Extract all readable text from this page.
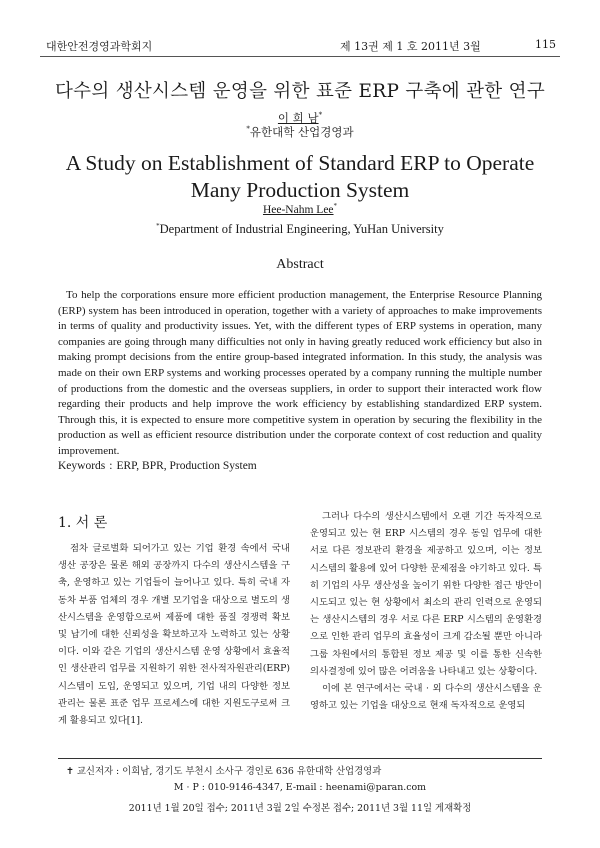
대한안전경영과학회지	제 13권 제 1 호 2011년 3월	115
다수의 생산시스템 운영을 위한 표준 ERP 구축에 관한 연구
이 희 남*
*유한대학 산업경영과
A Study on Establishment of Standard ERP to Operate Many Production System
Hee-Nahm Lee*
*Department of Industrial Engineering, YuHan University
Abstract
To help the corporations ensure more efficient production management, the Enterprise Resource Planning (ERP) system has been introduced in operation, together with a variety of approaches to make improvements in terms of quality and productivity issues. Yet, with the different types of ERP systems in operation, many companies are going through many difficulties not only in having greatly reduced work efficiency but also in making prompt decisions from the entire group-based integrated information. In this study, the analysis was made on their own ERP systems and working processes operated by a company running the multiple number of productions from the domestic and the overseas suppliers, in order to support their interacted work flow regarding their products and help improve the work efficiency by establishing standardized ERP system. Through this, it is expected to ensure more competitive system in operation by securing the flexibility in the production as well as efficient resource distribution under the corporate context of cost reduction and quality improvement.
Keywords : ERP, BPR, Production System
1. 서 론

점차 글로벌화 되어가고 있는 기업 환경 속에서 국내 생산 공장은 물론 해외 공장까지 다수의 생산시스템을 구축, 운영하고 있는 기업들이 늘어나고 있다. 특히 국내 자동차 부품 업체의 경우 개별 모기업을 대상으로 별도의 생산시스템을 운영함으로써 제품에 대한 품질 경쟁력 확보 및 납기에 대한 신뢰성을 확보하고자 노력하고 있는 상황이다. 이와 같은 기업의 생산시스템 운영 상황에서 효율적인 생산관리 업무를 지원하기 위한 전사적자원관리(ERP) 시스템이 도입, 운영되고 있으며, 기업 내의 다양한 정보 관리는 물론 표준 업무 프로세스에 대한 지원도구로써 크게 활용되고 있다[1].

그러나 다수의 생산시스템에서 오랜 기간 독자적으로 운영되고 있는 현 ERP 시스템의 경우 동일 업무에 대한 서로 다른 정보관리 환경을 제공하고 있으며, 이는 정보 시스템의 활용에 있어 다양한 문제점을 야기하고 있다. 특히 기업의 사무 생산성을 높이기 위한 다양한 접근 방안이 시도되고 있는 현 상황에서 최소의 관리 인력으로 운영되는 생산시스템의 경우 서로 다른 ERP 시스템의 운영환경으로 인한 관리 업무의 효율성이 크게 감소될 뿐만 아니라 그룹 차원에서의 통합된 정보 제공 및 이를 통한 신속한 의사결정에 있어 많은 어려움을 나타내고 있는 상황이다.

이에 본 연구에서는 국내 · 외 다수의 생산시스템을 운영하고 있는 기업을 대상으로 현재 독자적으로 운영되

✝ 교신저자 : 이희남, 경기도 부천시 소사구 경인로 636 유한대학 산업경영과
M · P : 010-9146-4347, E-mail : heenami@paran.com
2011년 1월 20일 접수; 2011년 3월 2일 수정본 접수; 2011년 3월 11일 게재확정
